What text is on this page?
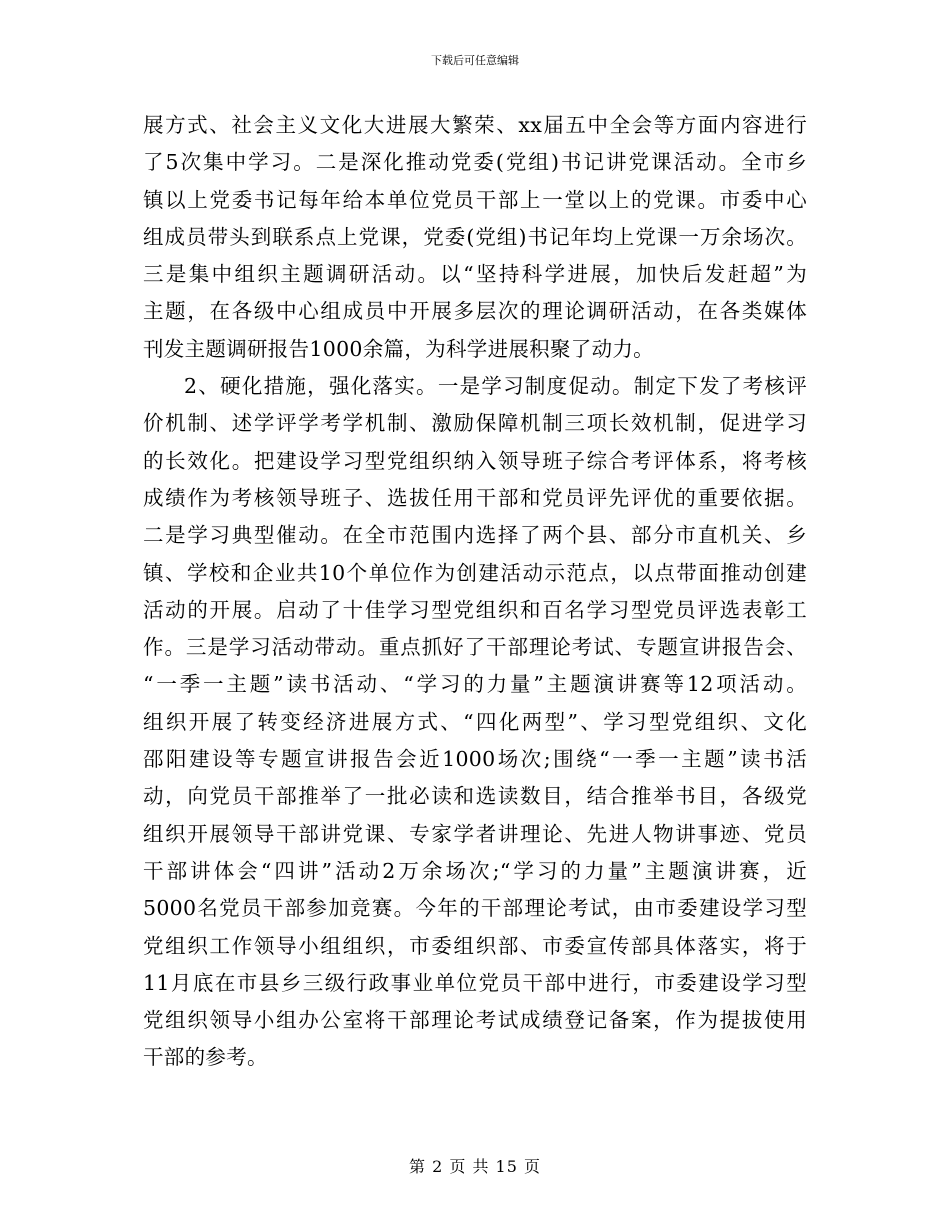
下载后可任意编辑
展方式、社会主义文化大进展大繁荣、xx届五中全会等方面内容进行
了5次集中学习。二是深化推动党委(党组)书记讲党课活动。全市乡
镇以上党委书记每年给本单位党员干部上一堂以上的党课。市委中心
组成员带头到联系点上党课，党委(党组)书记年均上党课一万余场次。
三是集中组织主题调研活动。以“坚持科学进展，加快后发赶超”为
主题，在各级中心组成员中开展多层次的理论调研活动，在各类媒体
刊发主题调研报告1000余篇，为科学进展积聚了动力。
2、硬化措施，强化落实。一是学习制度促动。制定下发了考核评
价机制、述学评学考学机制、激励保障机制三项长效机制，促进学习
的长效化。把建设学习型党组织纳入领导班子综合考评体系，将考核
成绩作为考核领导班子、选拔任用干部和党员评先评优的重要依据。
二是学习典型催动。在全市范围内选择了两个县、部分市直机关、乡
镇、学校和企业共10个单位作为创建活动示范点，以点带面推动创建
活动的开展。启动了十佳学习型党组织和百名学习型党员评选表彰工
作。三是学习活动带动。重点抓好了干部理论考试、专题宣讲报告会、
“一季一主题”读书活动、“学习的力量”主题演讲赛等12项活动。
组织开展了转变经济进展方式、“四化两型”、学习型党组织、文化
邵阳建设等专题宣讲报告会近1000场次;围绕“一季一主题”读书活
动，向党员干部推举了一批必读和选读数目，结合推举书目，各级党
组织开展领导干部讲党课、专家学者讲理论、先进人物讲事迹、党员
干部讲体会“四讲”活动2万余场次;“学习的力量”主题演讲赛，近
5000名党员干部参加竞赛。今年的干部理论考试，由市委建设学习型
党组织工作领导小组组织，市委组织部、市委宣传部具体落实，将于
11月底在市县乡三级行政事业单位党员干部中进行，市委建设学习型
党组织领导小组办公室将干部理论考试成绩登记备案，作为提拔使用
干部的参考。
第 2 页 共 15 页
